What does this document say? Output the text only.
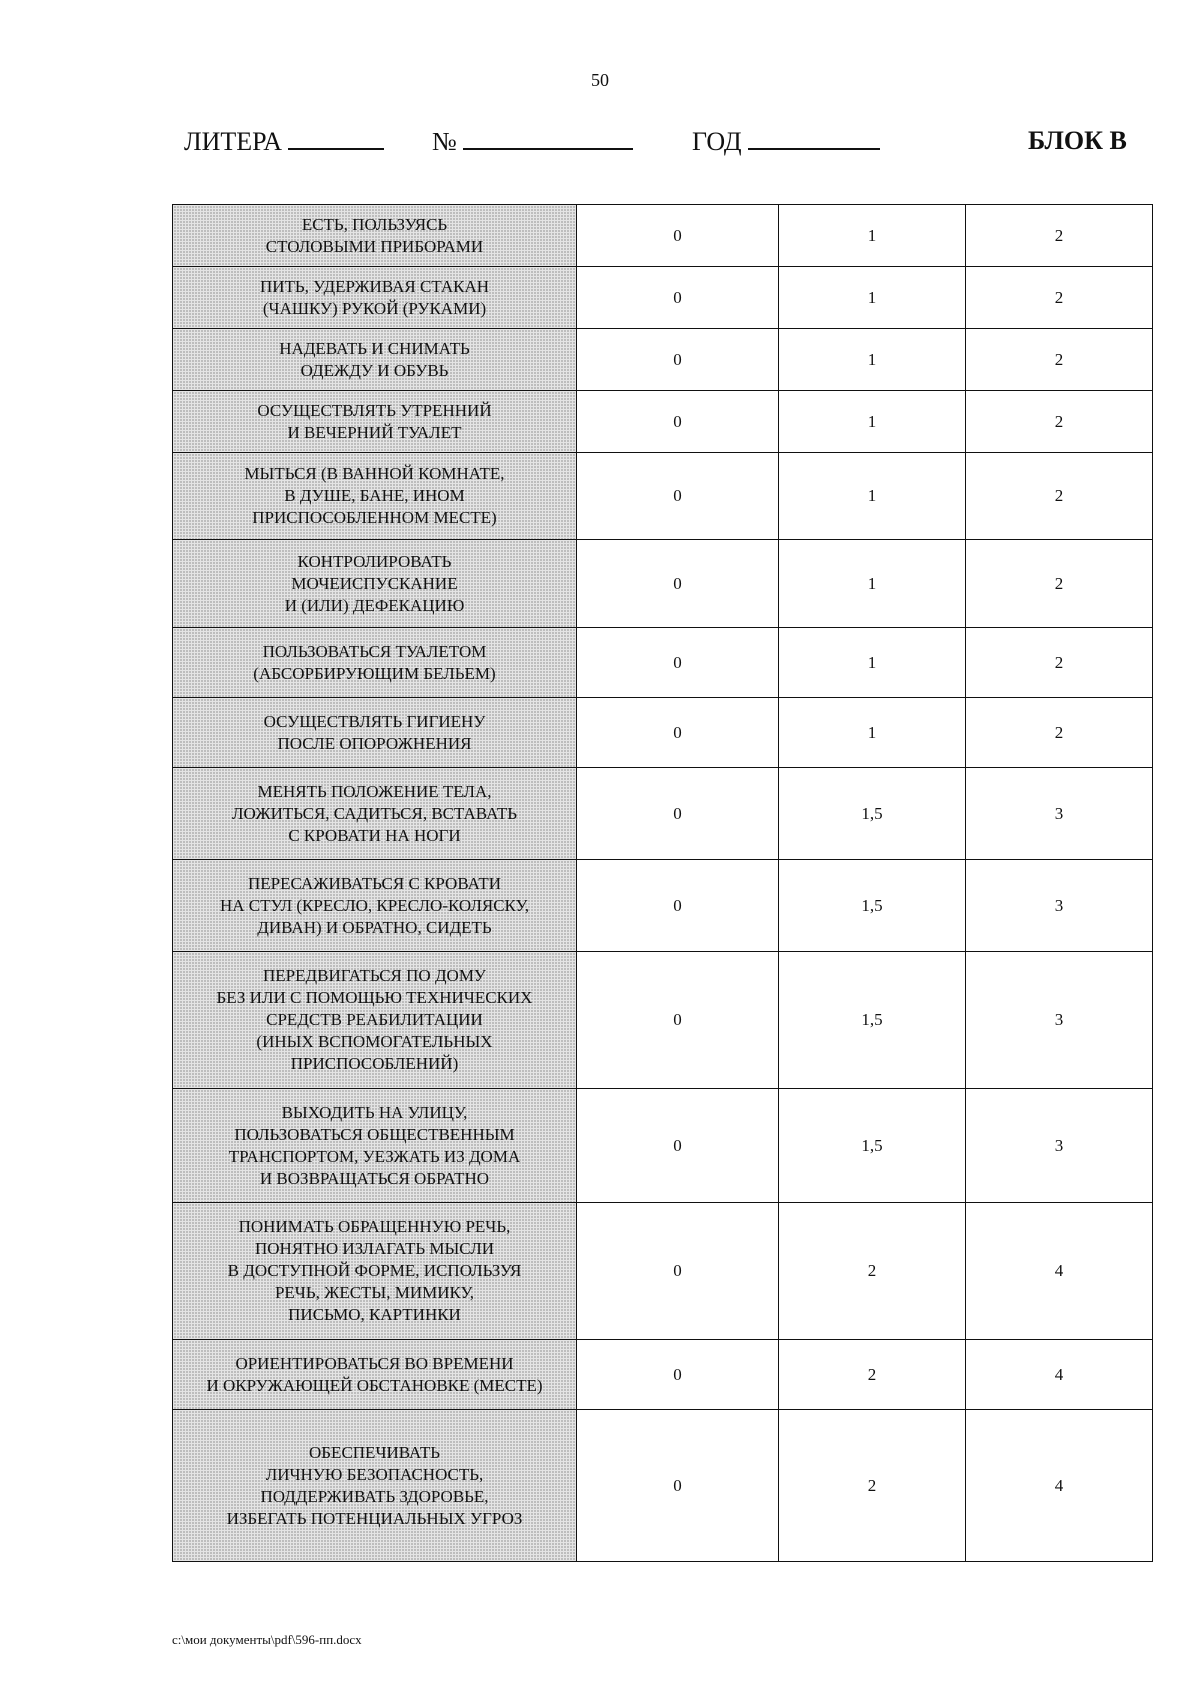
50
ЛИТЕРА	№	ГОД	БЛОК В
ЕСТЬ, ПОЛЬЗУЯСЬ
СТОЛОВЫМИ ПРИБОРАМИ	0	1	2
ПИТЬ, УДЕРЖИВАЯ СТАКАН
(ЧАШКУ) РУКОЙ (РУКАМИ)	0	1	2
НАДЕВАТЬ И СНИМАТЬ
ОДЕЖДУ И ОБУВЬ	0	1	2
ОСУЩЕСТВЛЯТЬ УТРЕННИЙ
И ВЕЧЕРНИЙ ТУАЛЕТ	0	1	2
МЫТЬСЯ (В ВАННОЙ КОМНАТЕ,
В ДУШЕ, БАНЕ, ИНОМ
ПРИСПОСОБЛЕННОМ МЕСТЕ)	0	1	2
КОНТРОЛИРОВАТЬ
МОЧЕИСПУСКАНИЕ
И (ИЛИ) ДЕФЕКАЦИЮ	0	1	2
ПОЛЬЗОВАТЬСЯ ТУАЛЕТОМ
(АБСОРБИРУЮЩИМ БЕЛЬЕМ)	0	1	2
ОСУЩЕСТВЛЯТЬ ГИГИЕНУ
ПОСЛЕ ОПОРОЖНЕНИЯ	0	1	2
МЕНЯТЬ ПОЛОЖЕНИЕ ТЕЛА,
ЛОЖИТЬСЯ, САДИТЬСЯ, ВСТАВАТЬ
С КРОВАТИ НА НОГИ	0	1,5	3
ПЕРЕСАЖИВАТЬСЯ С КРОВАТИ
НА СТУЛ (КРЕСЛО, КРЕСЛО-КОЛЯСКУ,
ДИВАН) И ОБРАТНО, СИДЕТЬ	0	1,5	3
ПЕРЕДВИГАТЬСЯ ПО ДОМУ
БЕЗ ИЛИ С ПОМОЩЬЮ ТЕХНИЧЕСКИХ
СРЕДСТВ РЕАБИЛИТАЦИИ
(ИНЫХ ВСПОМОГАТЕЛЬНЫХ
ПРИСПОСОБЛЕНИЙ)	0	1,5	3
ВЫХОДИТЬ НА УЛИЦУ,
ПОЛЬЗОВАТЬСЯ ОБЩЕСТВЕННЫМ
ТРАНСПОРТОМ, УЕЗЖАТЬ ИЗ ДОМА
И ВОЗВРАЩАТЬСЯ ОБРАТНО	0	1,5	3
ПОНИМАТЬ ОБРАЩЕННУЮ РЕЧЬ,
ПОНЯТНО ИЗЛАГАТЬ МЫСЛИ
В ДОСТУПНОЙ ФОРМЕ, ИСПОЛЬЗУЯ
РЕЧЬ, ЖЕСТЫ, МИМИКУ,
ПИСЬМО, КАРТИНКИ	0	2	4
ОРИЕНТИРОВАТЬСЯ ВО ВРЕМЕНИ
И ОКРУЖАЮЩЕЙ ОБСТАНОВКЕ (МЕСТЕ)	0	2	4
ОБЕСПЕЧИВАТЬ
ЛИЧНУЮ БЕЗОПАСНОСТЬ,
ПОДДЕРЖИВАТЬ ЗДОРОВЬЕ,
ИЗБЕГАТЬ ПОТЕНЦИАЛЬНЫХ УГРОЗ	0	2	4
c:\мои документы\pdf\596-пп.docx
